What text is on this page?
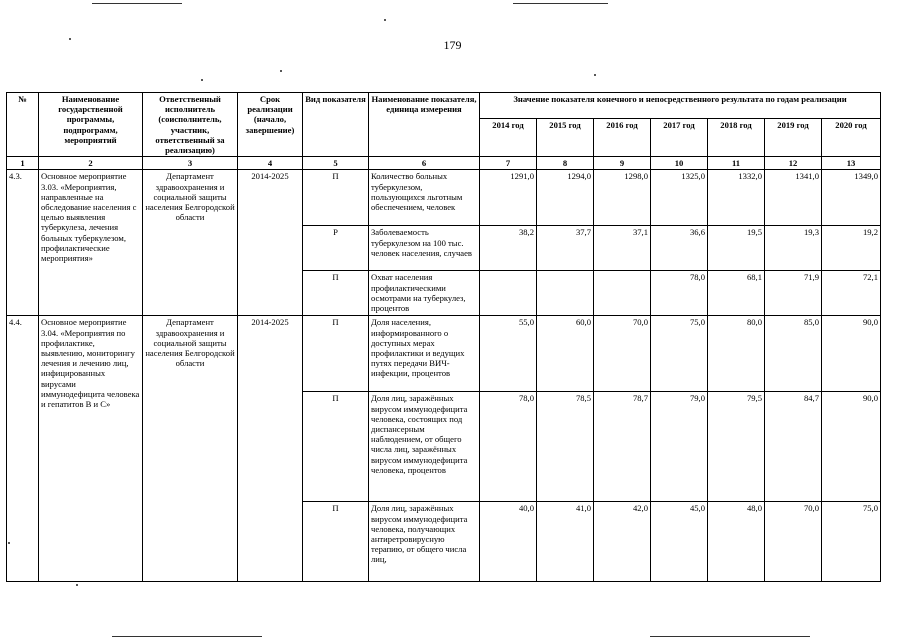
179
№	Наименование государственной программы, подпрограмм, мероприятий	Ответственный исполнитель (соисполнитель, участник, ответственный за реализацию)	Срок реализации (начало, завершение)	Вид показателя	Наименование показателя, единица измерения	Значение показателя конечного и непосредственного результата по годам реализации						
						2014 год	2015 год	2016 год	2017 год	2018 год	2019 год	2020 год
1	2	3	4	5	6	7	8	9	10	11	12	13
4.3.	Основное мероприятие 3.03. «Мероприятия, направленные на обследование населения с целью выявления туберкулеза, лечения больных туберкулезом, профилактические мероприятия»	Департамент здравоохранения и социальной защиты населения Белгородской области	2014-2025	П	Количество больных туберкулезом, пользующихся льготным обеспечением, человек	1291,0	1294,0	1298,0	1325,0	1332,0	1341,0	1349,0
				Р	Заболеваемость туберкулезом на 100 тыс. человек населения, случаев	38,2	37,7	37,1	36,6	19,5	19,3	19,2
				П	Охват населения профилактическими осмотрами на туберкулез, процентов				78,0	68,1	71,9	72,1
4.4.	Основное мероприятие 3.04. «Мероприятия по профилактике, выявлению, мониторингу лечения и лечению лиц, инфицированных вирусами иммунодефицита человека и гепатитов В и С»	Департамент здравоохранения и социальной защиты населения Белгородской области	2014-2025	П	Доля населения, информированного о доступных мерах профилактики и ведущих путях передачи ВИЧ-инфекции, процентов	55,0	60,0	70,0	75,0	80,0	85,0	90,0
				П	Доля лиц, заражённых вирусом иммунодефицита человека, состоящих под диспансерным наблюдением, от общего числа лиц, заражённых вирусом иммунодефицита человека, процентов	78,0	78,5	78,7	79,0	79,5	84,7	90,0
				П	Доля лиц, заражённых вирусом иммунодефицита человека, получающих антиретровирусную терапию, от общего числа лиц,	40,0	41,0	42,0	45,0	48,0	70,0	75,0
